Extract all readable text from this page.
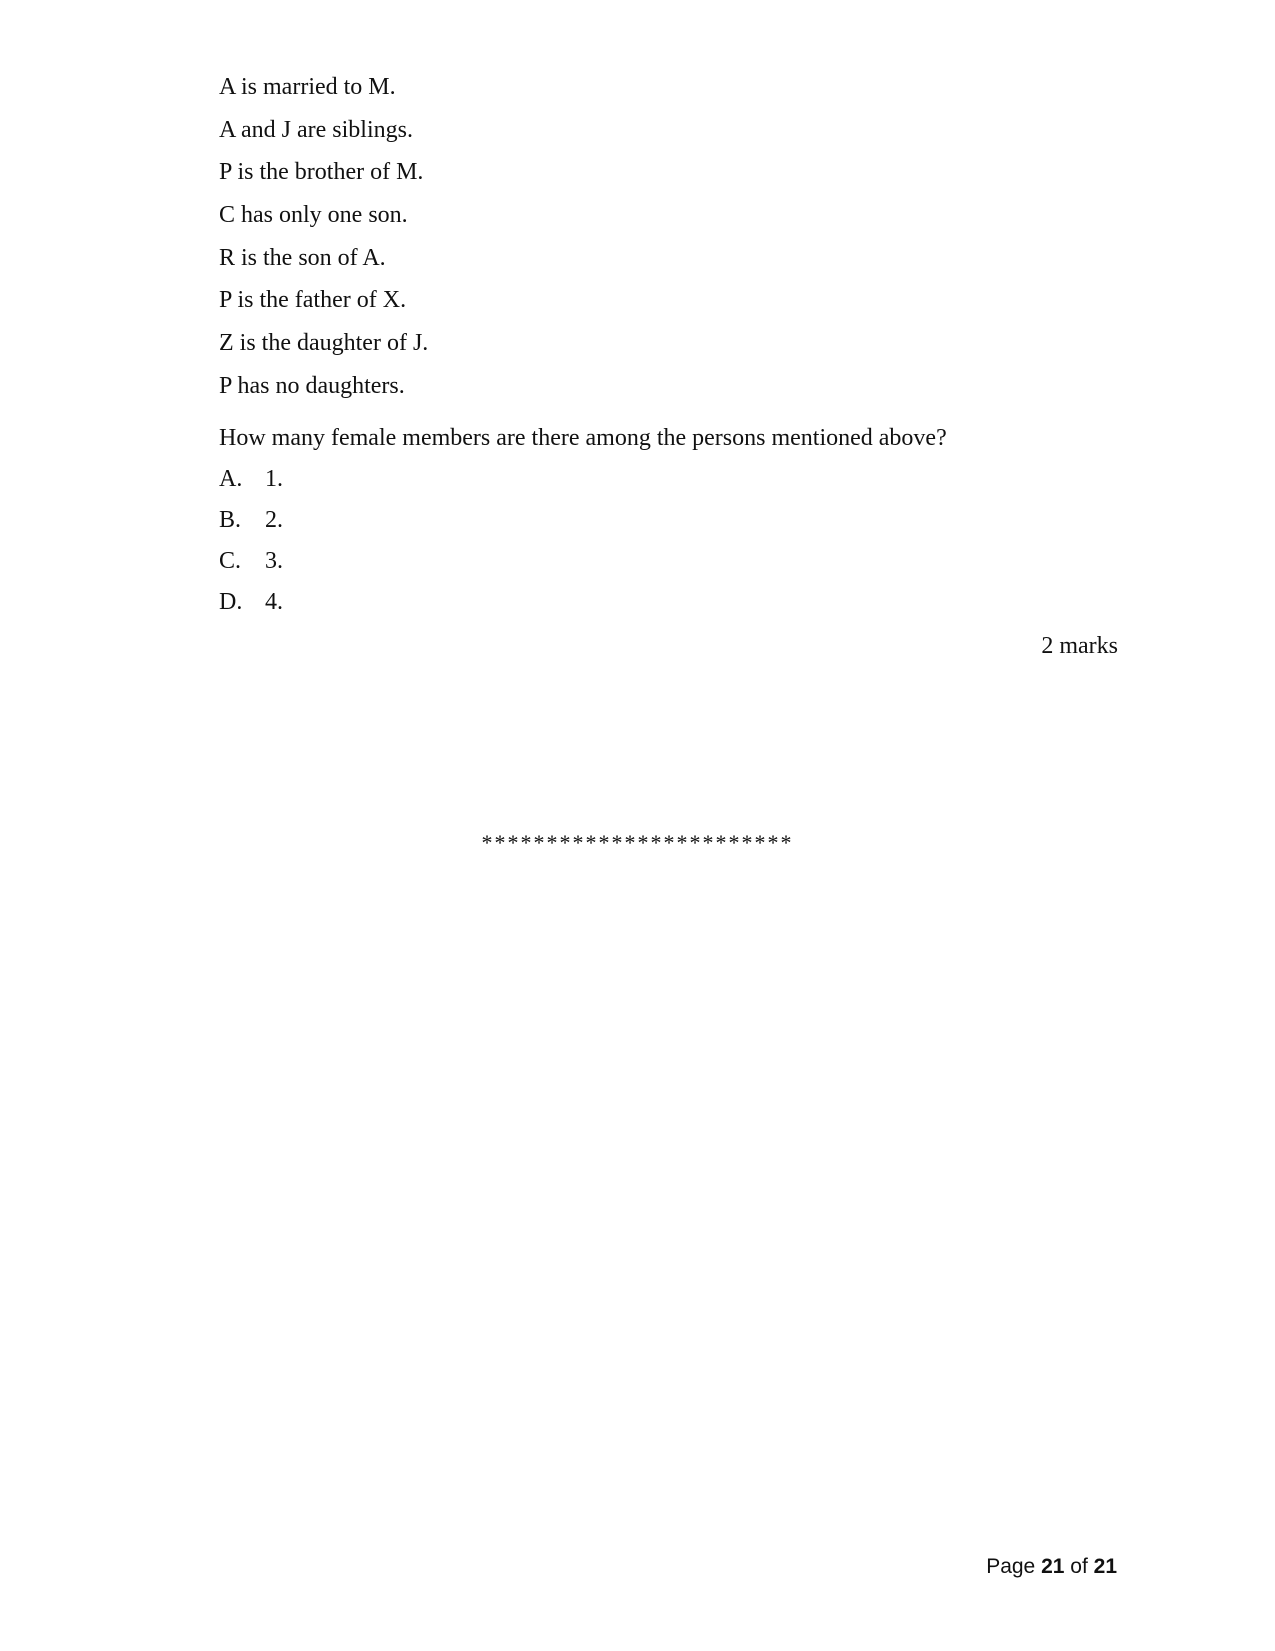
A is married to M.
A and J are siblings.
P is the brother of M.
C has only one son.
R is the son of A.
P is the father of X.
Z is the daughter of J.
P has no daughters.
How many female members are there among the persons mentioned above?
A. 1.
B. 2.
C. 3.
D. 4.
2 marks
************************
Page 21 of 21
